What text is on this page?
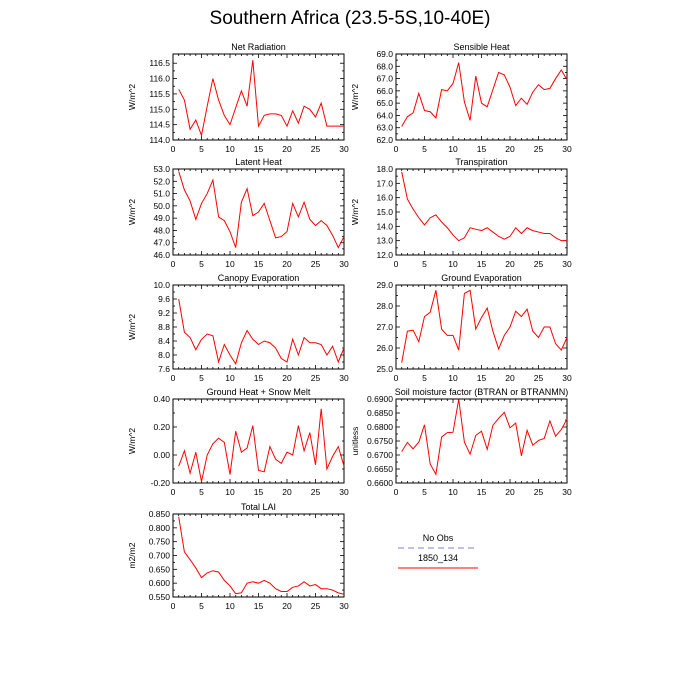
Southern Africa (23.5-5S,10-40E)
Net Radiation
W/m^2
0	5	10 15 20 25 30
114.0
114.5
115.0
115.5
116.0
116.5
Sensible Heat
W/m^2
0	5	10 15 20 25 30
62.0
63.0
64.0
65.0
66.0
67.0
68.0
69.0
Latent Heat
W/m^2
0	5	10 15 20 25 30
46.0
47.0
48.0
49.0
50.0
51.0
52.0
53.0
Transpiration
W/m^2
0	5	10 15 20 25 30
12.0
13.0
14.0
15.0
16.0
17.0
18.0
Canopy Evaporation
W/m^2
0	5	10 15 20 25 30
7.6
8.0
8.4
8.8
9.2
9.6
10.0
Ground Evaporation
0	5	10 15 20 25 30
25.0
26.0
27.0
28.0
29.0
Ground Heat + Snow Melt
W/m^2
0	5	10 15 20 25 30
-0.20
0.00
0.20
0.40
Soil moisture factor (BTRAN or BTRANMN)
unitless
0	5	10 15 20 25 30
0.6600
0.6650
0.6700
0.6750
0.6800
0.6850
0.6900
Total LAI
m2/m2
0	5	10 15 20 25 30
0.550
0.600
0.650
0.700
0.750
0.800
0.850
No Obs
1850_134
